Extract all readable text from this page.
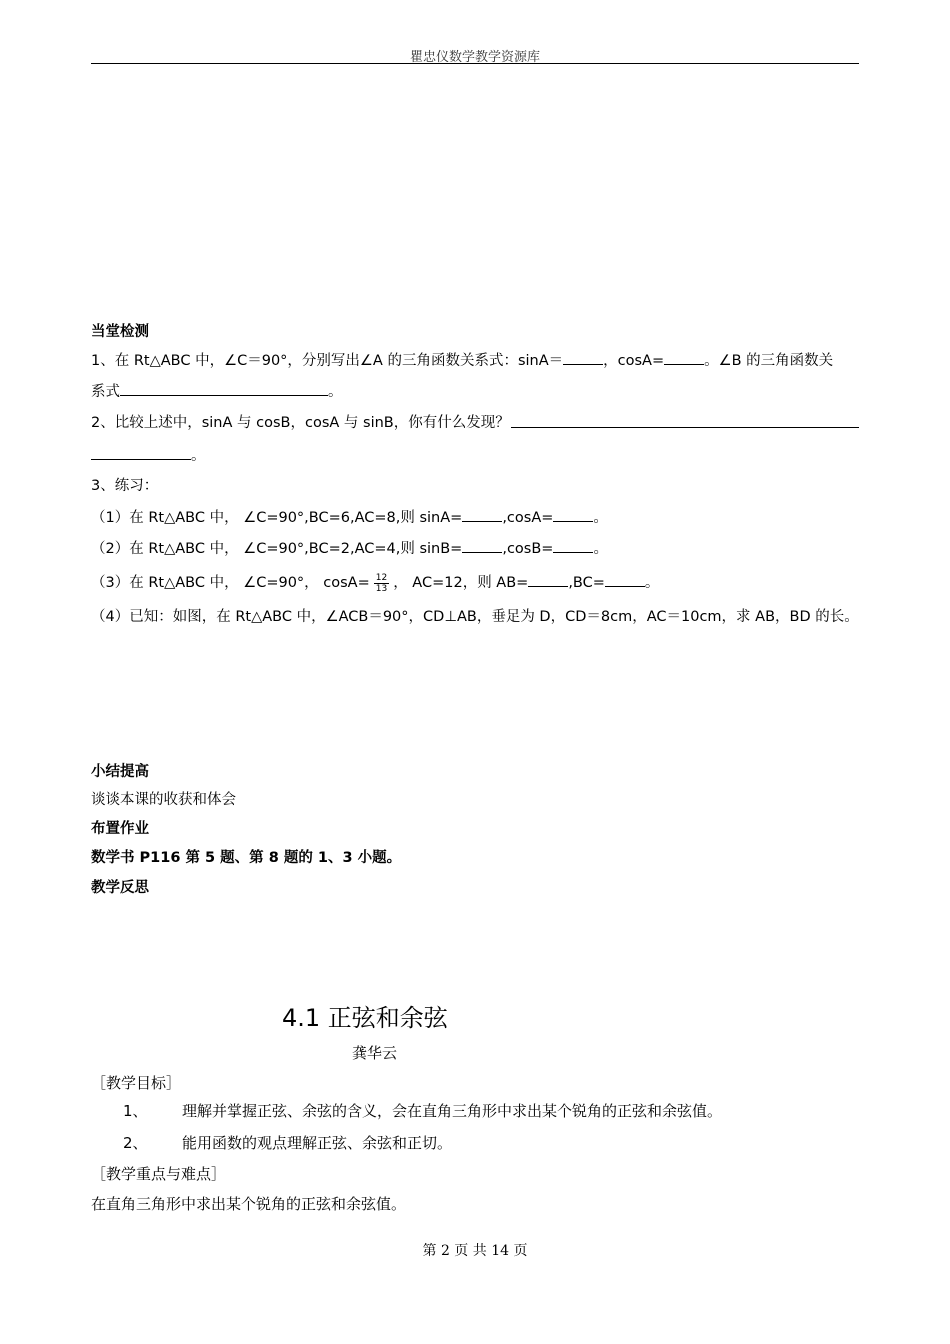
瞿忠仪数学教学资源库
当堂检测
1、在 Rt△ABC 中，∠C＝90°，分别写出∠A 的三角函数关系式：sinA＝	，cosA=	。∠B 的三角函数关
系式	。
2、比较上述中，sinA 与 cosB，cosA 与 sinB，你有什么发现？
。
3、练习：
（1）在 Rt△ABC 中， ∠C=90°,BC=6,AC=8,则 sinA=	,cosA=	。
（2）在 Rt△ABC 中， ∠C=90°,BC=2,AC=4,则 sinB=	,cosB=	。
（3）在 Rt△ABC 中， ∠C=90°， $\cos A= \frac{12}{13}$ ， AC=12，则 AB=	,BC=	。
（4）已知：如图，在 Rt△ABC 中，∠ACB＝90°，CD⊥AB，垂足为 D，CD＝8cm，AC＝10cm，求 AB，BD 的长。
小结提高
谈谈本课的收获和体会
布置作业
数学书 P116 第 5 题、第 8 题的 1、3 小题。
教学反思
4.1 正弦和余弦
龚华云
［教学目标］
1、 理解并掌握正弦、余弦的含义，会在直角三角形中求出某个锐角的正弦和余弦值。
2、 能用函数的观点理解正弦、余弦和正切。
［教学重点与难点］
在直角三角形中求出某个锐角的正弦和余弦值。
第 2 页 共 14 页
